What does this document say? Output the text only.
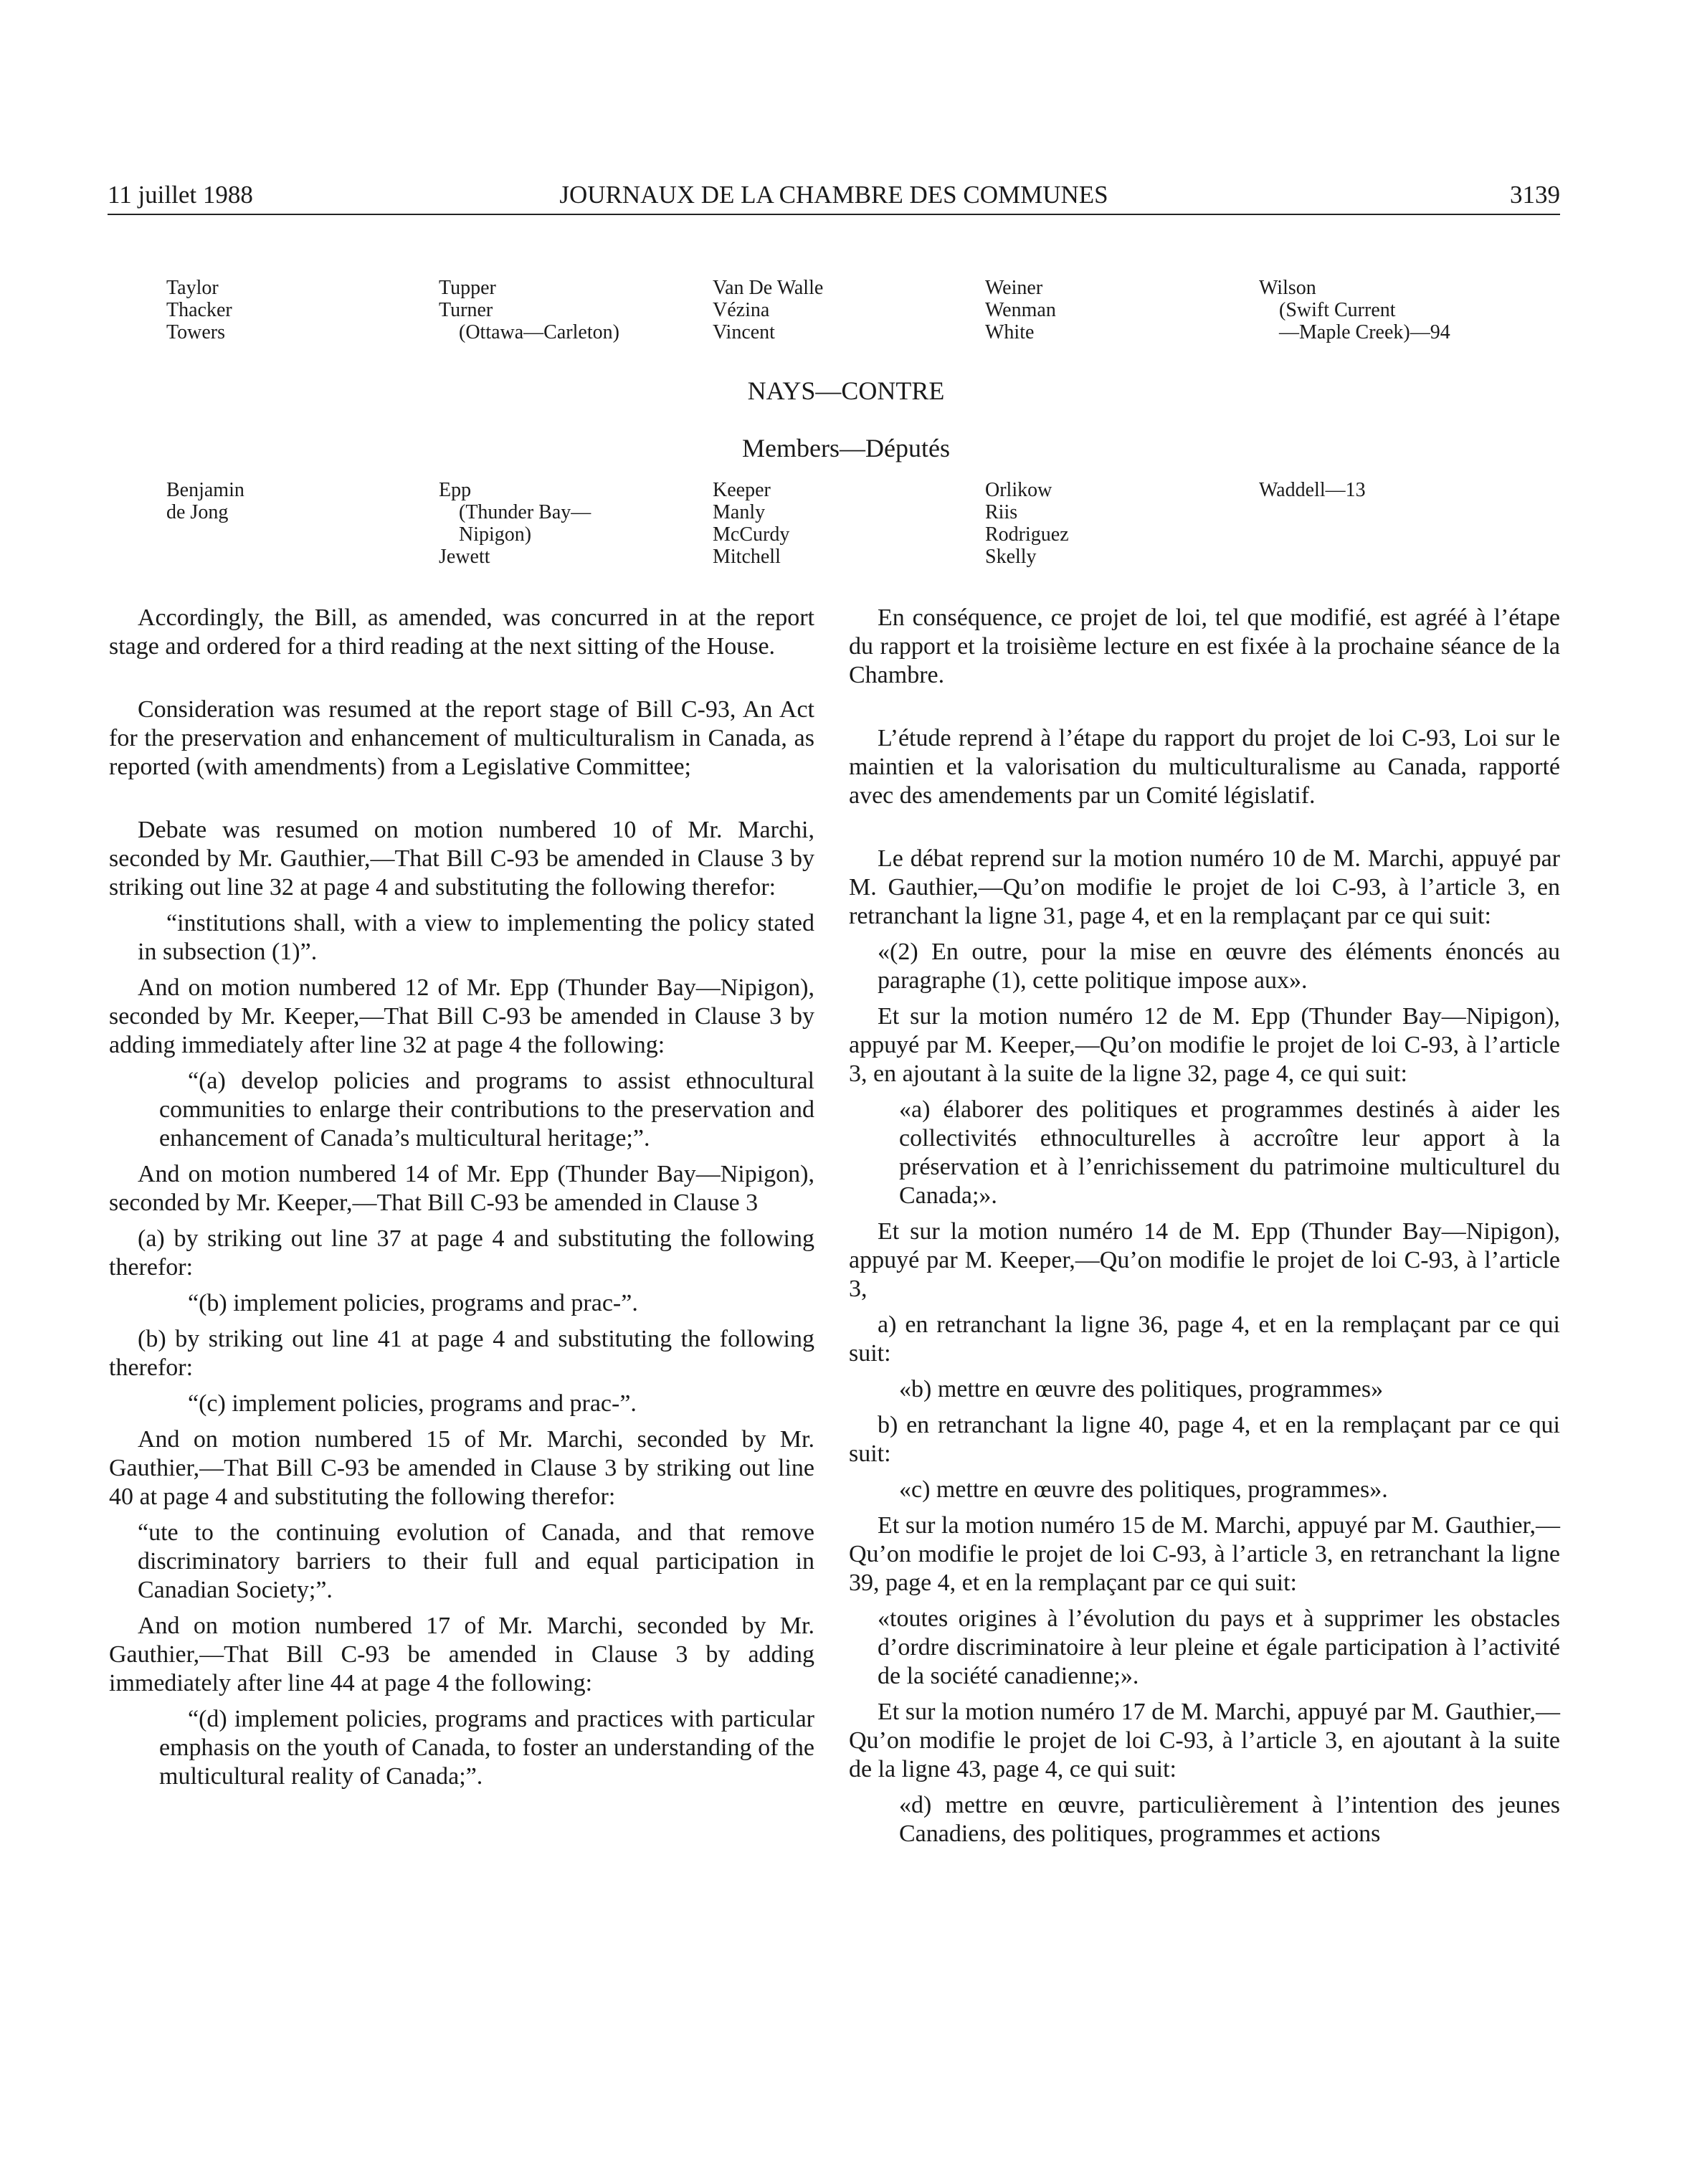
11 juillet 1988	JOURNAUX DE LA CHAMBRE DES COMMUNES	3139
Taylor
Thacker
Towers
Tupper
Turner
(Ottawa—Carleton)
Van De Walle
Vézina
Vincent
Weiner
Wenman
White
Wilson
(Swift Current
—Maple Creek)—94
NAYS—CONTRE
Members—Députés
Benjamin
de Jong
Epp
(Thunder Bay—
Nipigon)
Jewett
Keeper
Manly
McCurdy
Mitchell
Orlikow
Riis
Rodriguez
Skelly
Waddell—13

Accordingly, the Bill, as amended, was concurred in at the report stage and ordered for a third reading at the next sitting of the House.

Consideration was resumed at the report stage of Bill C-93, An Act for the preservation and enhancement of multiculturalism in Canada, as reported (with amendments) from a Legislative Committee;

Debate was resumed on motion numbered 10 of Mr. Marchi, seconded by Mr. Gauthier,—That Bill C-93 be amended in Clause 3 by striking out line 32 at page 4 and substituting the following therefor:

“institutions shall, with a view to implementing the policy stated in subsection (1)”.

And on motion numbered 12 of Mr. Epp (Thunder Bay—Nipigon), seconded by Mr. Keeper,—That Bill C-93 be amended in Clause 3 by adding immediately after line 32 at page 4 the following:

“(a) develop policies and programs to assist ethnocultural communities to enlarge their contributions to the preservation and enhancement of Canada’s multicultural heritage;”.

And on motion numbered 14 of Mr. Epp (Thunder Bay—Nipigon), seconded by Mr. Keeper,—That Bill C-93 be amended in Clause 3

(a) by striking out line 37 at page 4 and substituting the following therefor:

“(b) implement policies, programs and prac-”.

(b) by striking out line 41 at page 4 and substituting the following therefor:

“(c) implement policies, programs and prac-”.

And on motion numbered 15 of Mr. Marchi, seconded by Mr. Gauthier,—That Bill C-93 be amended in Clause 3 by striking out line 40 at page 4 and substituting the following therefor:

“ute to the continuing evolution of Canada, and that remove discriminatory barriers to their full and equal participation in Canadian Society;”.

And on motion numbered 17 of Mr. Marchi, seconded by Mr. Gauthier,—That Bill C-93 be amended in Clause 3 by adding immediately after line 44 at page 4 the following:

“(d) implement policies, programs and practices with particular emphasis on the youth of Canada, to foster an understanding of the multicultural reality of Canada;”.

En conséquence, ce projet de loi, tel que modifié, est agréé à l’étape du rapport et la troisième lecture en est fixée à la prochaine séance de la Chambre.

L’étude reprend à l’étape du rapport du projet de loi C-93, Loi sur le maintien et la valorisation du multiculturalisme au Canada, rapporté avec des amendements par un Comité législatif.

Le débat reprend sur la motion numéro 10 de M. Marchi, appuyé par M. Gauthier,—Qu’on modifie le projet de loi C-93, à l’article 3, en retranchant la ligne 31, page 4, et en la remplaçant par ce qui suit:

«(2) En outre, pour la mise en œuvre des éléments énoncés au paragraphe (1), cette politique impose aux».

Et sur la motion numéro 12 de M. Epp (Thunder Bay—Nipigon), appuyé par M. Keeper,—Qu’on modifie le projet de loi C-93, à l’article 3, en ajoutant à la suite de la ligne 32, page 4, ce qui suit:

«a) élaborer des politiques et programmes destinés à aider les collectivités ethnoculturelles à accroître leur apport à la préservation et à l’enrichissement du patrimoine multiculturel du Canada;».

Et sur la motion numéro 14 de M. Epp (Thunder Bay—Nipigon), appuyé par M. Keeper,—Qu’on modifie le projet de loi C-93, à l’article 3,

a) en retranchant la ligne 36, page 4, et en la remplaçant par ce qui suit:

«b) mettre en œuvre des politiques, programmes»

b) en retranchant la ligne 40, page 4, et en la remplaçant par ce qui suit:

«c) mettre en œuvre des politiques, programmes».

Et sur la motion numéro 15 de M. Marchi, appuyé par M. Gauthier,—Qu’on modifie le projet de loi C-93, à l’article 3, en retranchant la ligne 39, page 4, et en la remplaçant par ce qui suit:

«toutes origines à l’évolution du pays et à supprimer les obstacles d’ordre discriminatoire à leur pleine et égale participation à l’activité de la société canadienne;».

Et sur la motion numéro 17 de M. Marchi, appuyé par M. Gauthier,—Qu’on modifie le projet de loi C-93, à l’article 3, en ajoutant à la suite de la ligne 43, page 4, ce qui suit:

«d) mettre en œuvre, particulièrement à l’intention des jeunes Canadiens, des politiques, programmes et actions
